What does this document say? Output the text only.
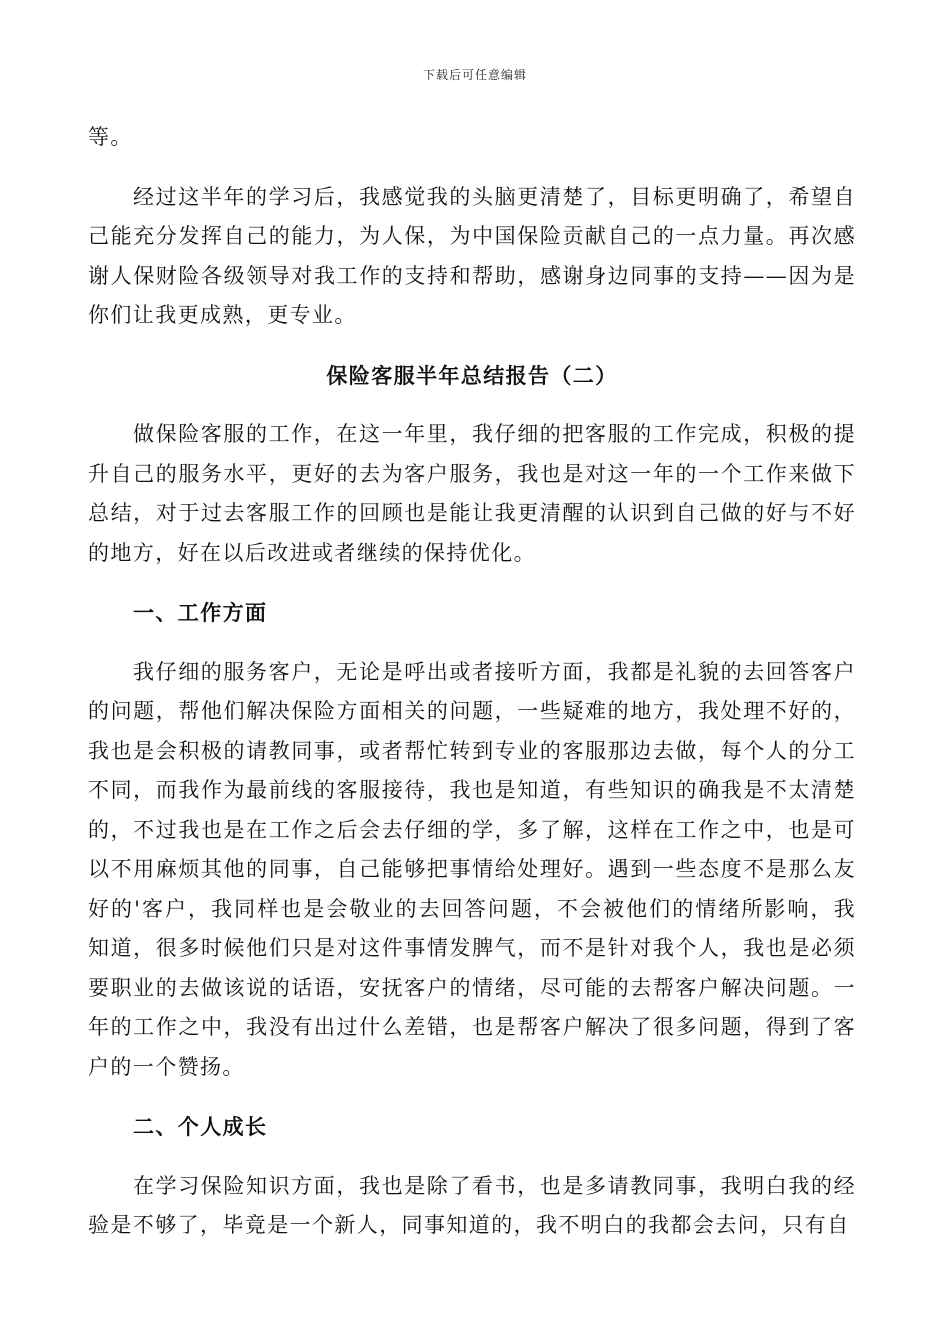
下载后可任意编辑

等。

经过这半年的学习后，我感觉我的头脑更清楚了，目标更明确了，希望自己能充分发挥自己的能力，为人保，为中国保险贡献自己的一点力量。再次感谢人保财险各级领导对我工作的支持和帮助，感谢身边同事的支持——因为是你们让我更成熟，更专业。

保险客服半年总结报告（二）

做保险客服的工作，在这一年里，我仔细的把客服的工作完成，积极的提升自己的服务水平，更好的去为客户服务，我也是对这一年的一个工作来做下总结，对于过去客服工作的回顾也是能让我更清醒的认识到自己做的好与不好的地方，好在以后改进或者继续的保持优化。

一、工作方面

我仔细的服务客户，无论是呼出或者接听方面，我都是礼貌的去回答客户的问题，帮他们解决保险方面相关的问题，一些疑难的地方，我处理不好的，我也是会积极的请教同事，或者帮忙转到专业的客服那边去做，每个人的分工不同，而我作为最前线的客服接待，我也是知道，有些知识的确我是不太清楚的，不过我也是在工作之后会去仔细的学，多了解，这样在工作之中，也是可以不用麻烦其他的同事，自己能够把事情给处理好。遇到一些态度不是那么友好的'客户，我同样也是会敬业的去回答问题，不会被他们的情绪所影响，我知道，很多时候他们只是对这件事情发脾气，而不是针对我个人，我也是必须要职业的去做该说的话语，安抚客户的情绪，尽可能的去帮客户解决问题。一年的工作之中，我没有出过什么差错，也是帮客户解决了很多问题，得到了客户的一个赞扬。

二、个人成长

在学习保险知识方面，我也是除了看书，也是多请教同事，我明白我的经验是不够了，毕竟是一个新人，同事知道的，我不明白的我都会去问，只有自
